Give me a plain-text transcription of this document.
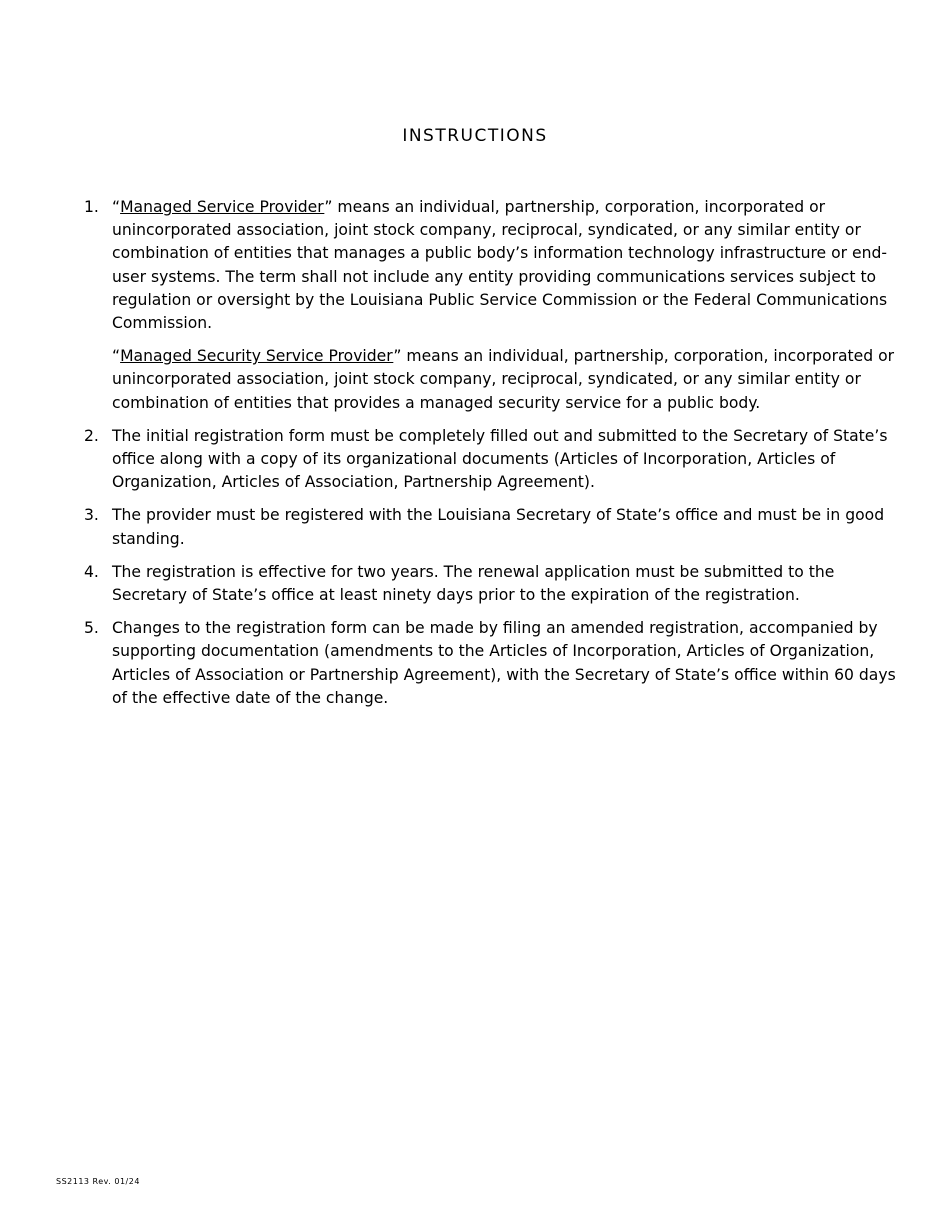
INSTRUCTIONS
1. “Managed Service Provider” means an individual, partnership, corporation, incorporated or unincorporated association, joint stock company, reciprocal, syndicated, or any similar entity or combination of entities that manages a public body’s information technology infrastructure or end-user systems. The term shall not include any entity providing communications services subject to regulation or oversight by the Louisiana Public Service Commission or the Federal Communications Commission.

“Managed Security Service Provider” means an individual, partnership, corporation, incorporated or unincorporated association, joint stock company, reciprocal, syndicated, or any similar entity or combination of entities that provides a managed security service for a public body.

2. The initial registration form must be completely filled out and submitted to the Secretary of State’s office along with a copy of its organizational documents (Articles of Incorporation, Articles of Organization, Articles of Association, Partnership Agreement).

3. The provider must be registered with the Louisiana Secretary of State’s office and must be in good standing.

4. The registration is effective for two years. The renewal application must be submitted to the Secretary of State’s office at least ninety days prior to the expiration of the registration.

5. Changes to the registration form can be made by filing an amended registration, accompanied by supporting documentation (amendments to the Articles of Incorporation, Articles of Organization, Articles of Association or Partnership Agreement), with the Secretary of State’s office within 60 days of the effective date of the change.

SS2113 Rev. 01/24
